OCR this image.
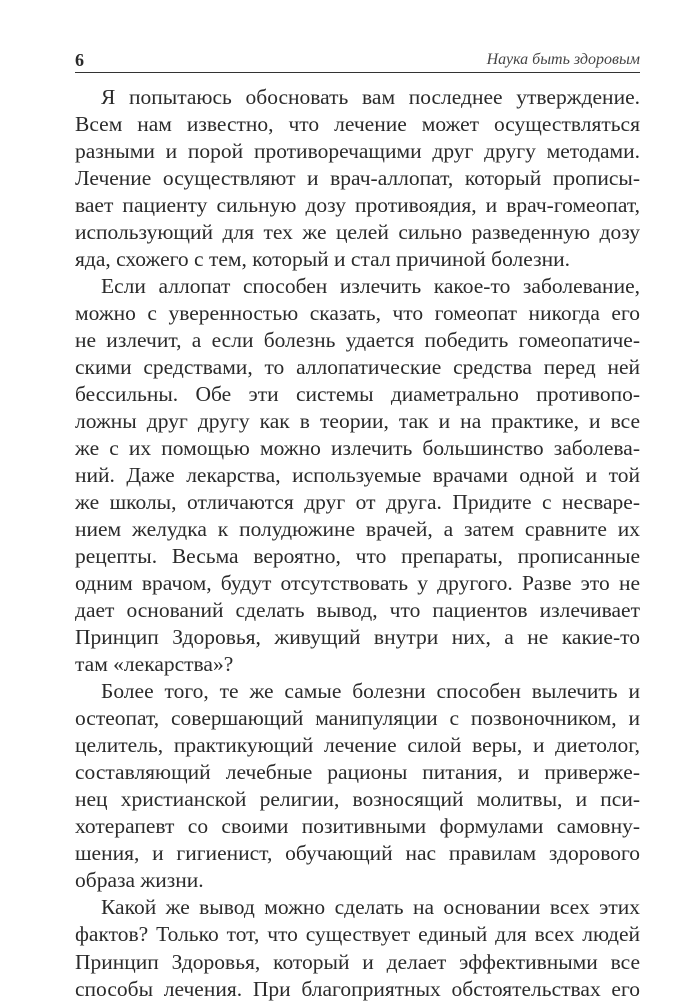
6	Наука быть здоровым
Я попытаюсь обосновать вам последнее утверждение.
Всем нам известно, что лечение может осуществляться
разными и порой противоречащими друг другу методами.
Лечение осуществляют и врач-аллопат, который прописы-
вает пациенту сильную дозу противоядия, и врач-гомеопат,
использующий для тех же целей сильно разведенную дозу
яда, схожего с тем, который и стал причиной болезни.
Если аллопат способен излечить какое-то заболевание,
можно с уверенностью сказать, что гомеопат никогда его
не излечит, а если болезнь удается победить гомеопатиче-
скими средствами, то аллопатические средства перед ней
бессильны. Обе эти системы диаметрально противопо-
ложны друг другу как в теории, так и на практике, и все
же с их помощью можно излечить большинство заболева-
ний. Даже лекарства, используемые врачами одной и той
же школы, отличаются друг от друга. Придите с несваре-
нием желудка к полудюжине врачей, а затем сравните их
рецепты. Весьма вероятно, что препараты, прописанные
одним врачом, будут отсутствовать у другого. Разве это не
дает оснований сделать вывод, что пациентов излечивает
Принцип Здоровья, живущий внутри них, а не какие-то
там «лекарства»?
Более того, те же самые болезни способен вылечить и
остеопат, совершающий манипуляции с позвоночником, и
целитель, практикующий лечение силой веры, и диетолог,
составляющий лечебные рационы питания, и привержe-
нец христианской религии, возносящий молитвы, и пси-
хотерапевт со своими позитивными формулами самовну-
шения, и гигиенист, обучающий нас правилам здорового
образа жизни.
Какой же вывод можно сделать на основании всех этих
фактов? Только тот, что существует единый для всех людей
Принцип Здоровья, который и делает эффективными все
способы лечения. При благоприятных обстоятельствах его
